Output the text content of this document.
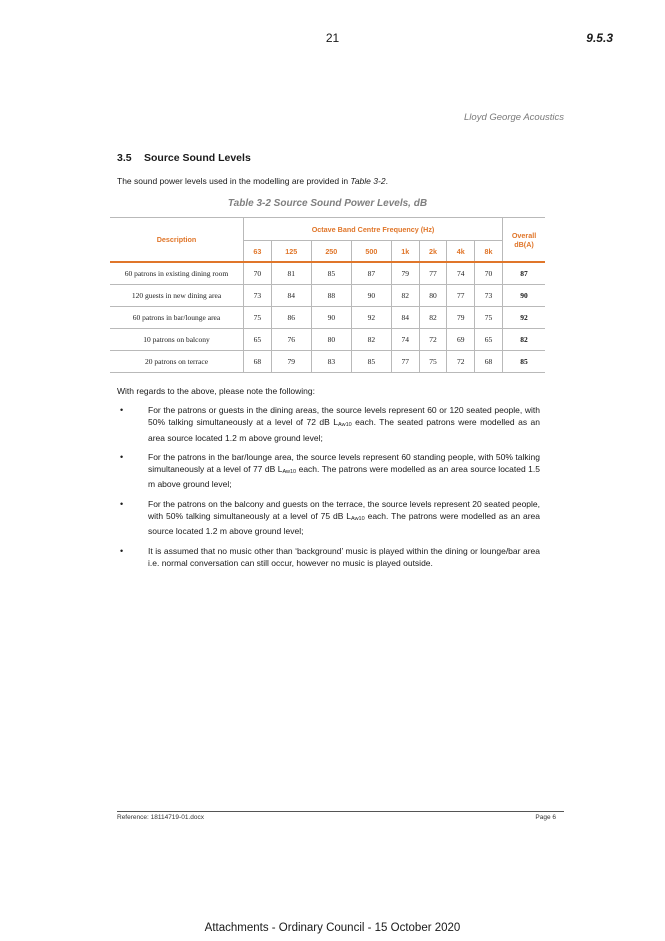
21	9.5.3
Lloyd George Acoustics
3.5 Source Sound Levels
The sound power levels used in the modelling are provided in Table 3-2.
Table 3-2 Source Sound Power Levels, dB
Description	Octave Band Centre Frequency (Hz)								Overall
dB(A)
	63	125	250	500	1k	2k	4k	8k	
60 patrons in existing dining room	70	81	85	87	79	77	74	70	87
120 guests in new dining area	73	84	88	90	82	80	77	73	90
60 patrons in bar/lounge area	75	86	90	92	84	82	79	75	92
10 patrons on balcony	65	76	80	82	74	72	69	65	82
20 patrons on terrace	68	79	83	85	77	75	72	68	85
With regards to the above, please note the following:
•	For the patrons or guests in the dining areas, the source levels represent 60 or 120 seated people, with 50% talking simultaneously at a level of 72 dB LAw10 each. The seated patrons were modelled as an area source located 1.2 m above ground level;
•	For the patrons in the bar/lounge area, the source levels represent 60 standing people, with 50% talking simultaneously at a level of 77 dB LAw10 each. The patrons were modelled as an area source located 1.5 m above ground level;
•	For the patrons on the balcony and guests on the terrace, the source levels represent 20 seated people, with 50% talking simultaneously at a level of 75 dB LAw10 each. The patrons were modelled as an area source located 1.2 m above ground level;
•	It is assumed that no music other than ‘background’ music is played within the dining or lounge/bar area i.e. normal conversation can still occur, however no music is played outside.
Reference: 18114719-01.docx	Page 6
Attachments - Ordinary Council - 15 October 2020
